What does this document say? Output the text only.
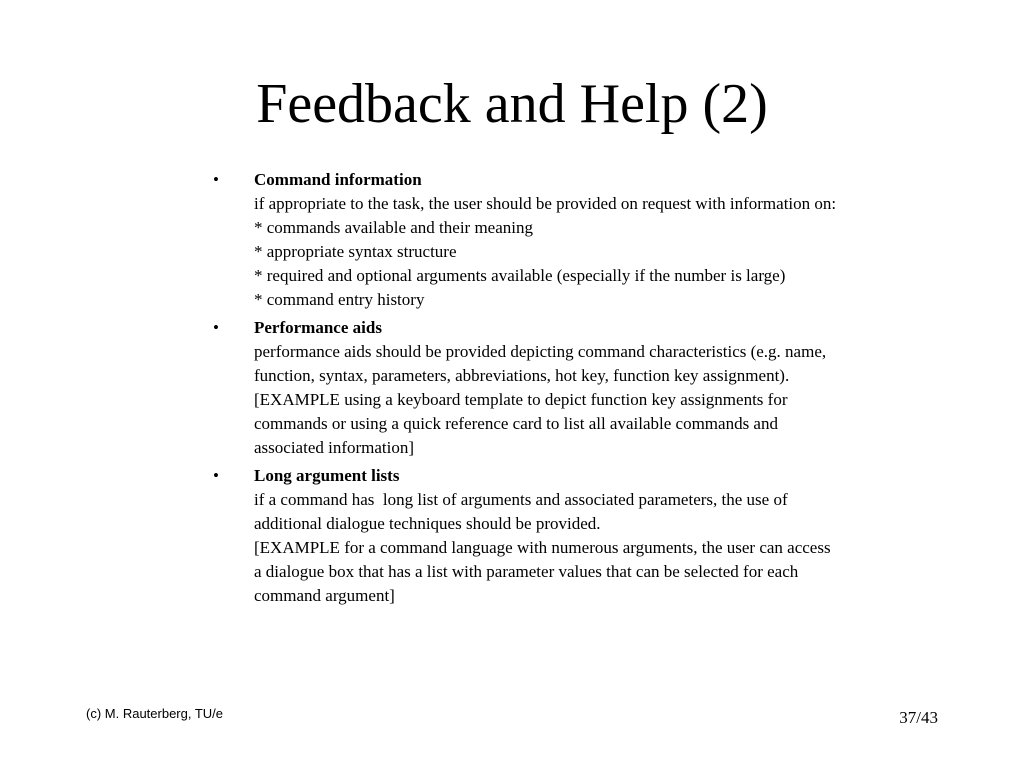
Feedback and Help (2)
• Command information
if appropriate to the task, the user should be provided on request with information on:
* commands available and their meaning
* appropriate syntax structure
* required and optional arguments available (especially if the number is large)
* command entry history
• Performance aids
performance aids should be provided depicting command characteristics (e.g. name,
function, syntax, parameters, abbreviations, hot key, function key assignment).
[EXAMPLE using a keyboard template to depict function key assignments for
commands or using a quick reference card to list all available commands and
associated information]
• Long argument lists
if a command has  long list of arguments and associated parameters, the use of
additional dialogue techniques should be provided.
[EXAMPLE for a command language with numerous arguments, the user can access
a dialogue box that has a list with parameter values that can be selected for each
command argument]
(c) M. Rauterberg, TU/e	37/43
